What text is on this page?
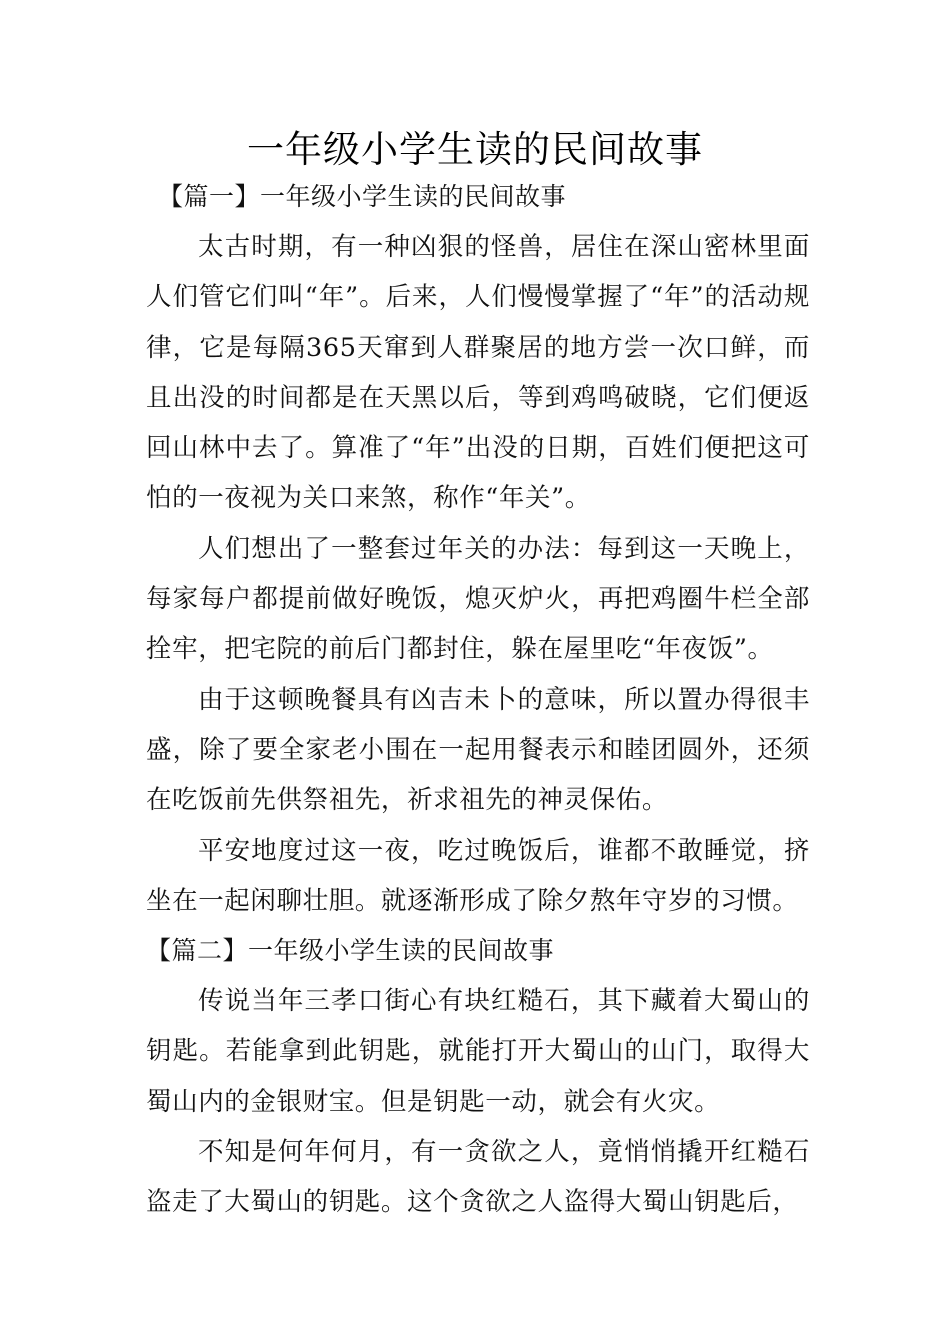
一年级小学生读的民间故事
【篇一】一年级小学生读的民间故事

太古时期，有一种凶狠的怪兽，居住在深山密林里面人们管它们叫“年”。后来，人们慢慢掌握了“年”的活动规律，它是每隔365天窜到人群聚居的地方尝一次口鲜，而且出没的时间都是在天黑以后，等到鸡鸣破晓，它们便返回山林中去了。算准了“年”出没的日期，百姓们便把这可怕的一夜视为关口来煞，称作“年关”。

人们想出了一整套过年关的办法：每到这一天晚上，每家每户都提前做好晚饭，熄灭炉火，再把鸡圈牛栏全部拴牢，把宅院的前后门都封住，躲在屋里吃“年夜饭”。

由于这顿晚餐具有凶吉未卜的意味，所以置办得很丰盛，除了要全家老小围在一起用餐表示和睦团圆外，还须在吃饭前先供祭祖先，祈求祖先的神灵保佑。

平安地度过这一夜，吃过晚饭后，谁都不敢睡觉，挤坐在一起闲聊壮胆。就逐渐形成了除夕熬年守岁的习惯。

【篇二】一年级小学生读的民间故事

传说当年三孝口街心有块红糙石，其下藏着大蜀山的钥匙。若能拿到此钥匙，就能打开大蜀山的山门，取得大蜀山内的金银财宝。但是钥匙一动，就会有火灾。

不知是何年何月，有一贪欲之人，竟悄悄撬开红糙石盗走了大蜀山的钥匙。这个贪欲之人盗得大蜀山钥匙后，
